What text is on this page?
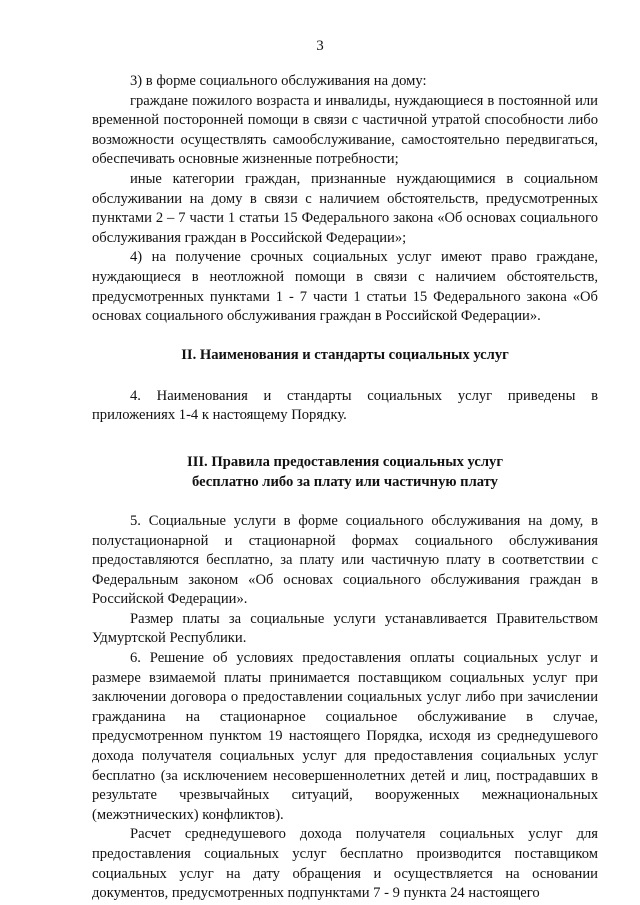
3

3) в форме социального обслуживания на дому:

граждане пожилого возраста и инвалиды, нуждающиеся в постоянной или временной посторонней помощи в связи с частичной утратой способности либо возможности осуществлять самообслуживание, самостоятельно передвигаться, обеспечивать основные жизненные потребности;

иные категории граждан, признанные нуждающимися в социальном обслуживании на дому в связи с наличием обстоятельств, предусмотренных пунктами 2 – 7 части 1 статьи 15 Федерального закона «Об основах социального обслуживания граждан в Российской Федерации»;

4) на получение срочных социальных услуг имеют право граждане, нуждающиеся в неотложной помощи в связи с наличием обстоятельств, предусмотренных пунктами 1 - 7 части 1 статьи 15 Федерального закона «Об основах социального обслуживания граждан в Российской Федерации».

II. Наименования и стандарты социальных услуг

4. Наименования и стандарты социальных услуг приведены в приложениях 1-4 к настоящему Порядку.

III. Правила предоставления социальных услуг
бесплатно либо за плату или частичную плату

5. Социальные услуги в форме социального обслуживания на дому, в полустационарной и стационарной формах социального обслуживания предоставляются бесплатно, за плату или частичную плату в соответствии с Федеральным законом «Об основах социального обслуживания граждан в Российской Федерации».

Размер платы за социальные услуги устанавливается Правительством Удмуртской Республики.

6. Решение об условиях предоставления оплаты социальных услуг и размере взимаемой платы принимается поставщиком социальных услуг при заключении договора о предоставлении социальных услуг либо при зачислении гражданина на стационарное социальное обслуживание в случае, предусмотренном пунктом 19 настоящего Порядка, исходя из среднедушевого дохода получателя социальных услуг для предоставления социальных услуг бесплатно (за исключением несовершеннолетних детей и лиц, пострадавших в результате чрезвычайных ситуаций, вооруженных межнациональных (межэтнических) конфликтов).

Расчет среднедушевого дохода получателя социальных услуг для предоставления социальных услуг бесплатно производится поставщиком социальных услуг на дату обращения и осуществляется на основании документов, предусмотренных подпунктами 7 - 9 пункта 24 настоящего
